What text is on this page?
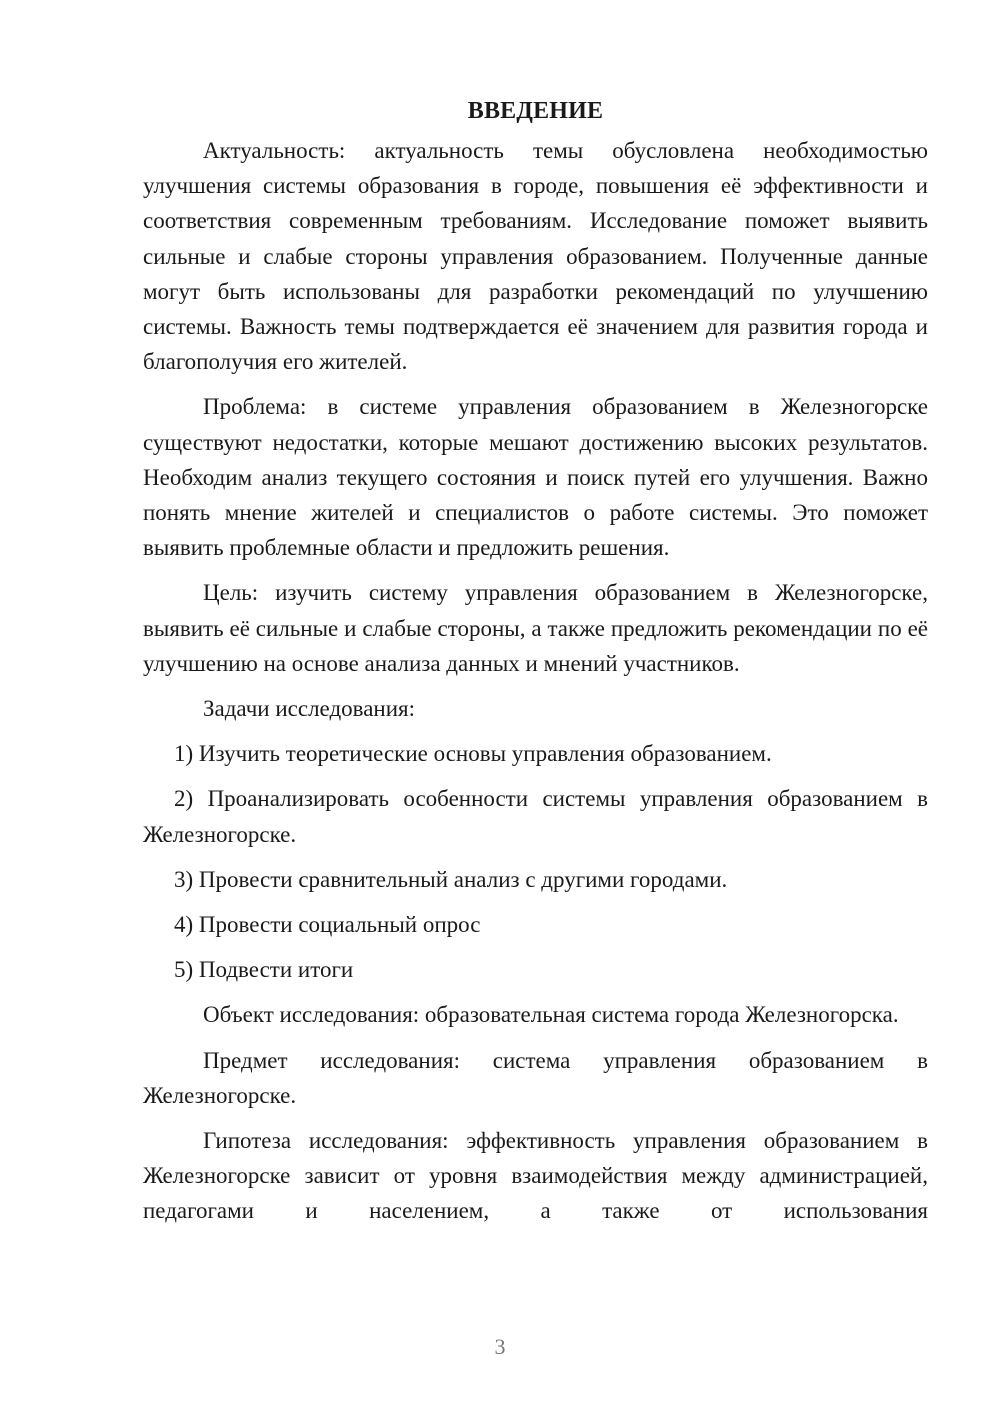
ВВЕДЕНИЕ

Актуальность: актуальность темы обусловлена необходимостью улучшения системы образования в городе, повышения её эффективности и соответствия современным требованиям. Исследование поможет выявить сильные и слабые стороны управления образованием. Полученные данные могут быть использованы для разработки рекомендаций по улучшению системы. Важность темы подтверждается её значением для развития города и благополучия его жителей.

Проблема: в системе управления образованием в Железногорске существуют недостатки, которые мешают достижению высоких результатов. Необходим анализ текущего состояния и поиск путей его улучшения. Важно понять мнение жителей и специалистов о работе системы. Это поможет выявить проблемные области и предложить решения.

Цель: изучить систему управления образованием в Железногорске, выявить её сильные и слабые стороны, а также предложить рекомендации по её улучшению на основе анализа данных и мнений участников.

Задачи исследования:

1) Изучить теоретические основы управления образованием.

2) Проанализировать особенности системы управления образованием в Железногорске.

3) Провести сравнительный анализ с другими городами.

4) Провести социальный опрос

5) Подвести итоги

Объект исследования: образовательная система города Железногорска.

Предмет исследования: система управления образованием в Железногорске.

Гипотеза исследования: эффективность управления образованием в Железногорске зависит от уровня взаимодействия между администрацией, педагогами и населением, а также от использования

3
